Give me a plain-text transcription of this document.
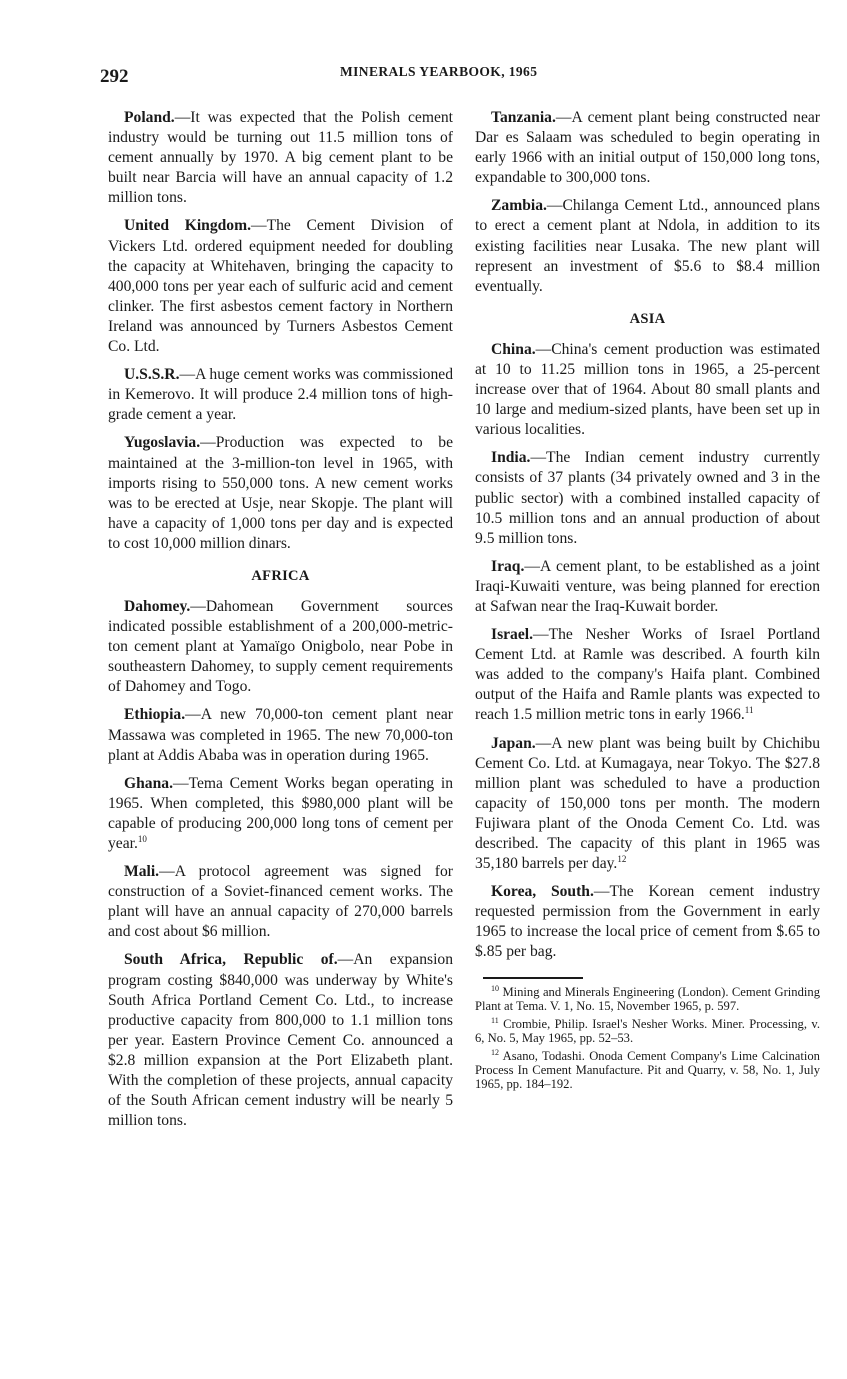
292	MINERALS YEARBOOK, 1965

Poland.—It was expected that the Polish cement industry would be turning out 11.5 million tons of cement annually by 1970. A big cement plant to be built near Barcia will have an annual capacity of 1.2 million tons.

United Kingdom.—The Cement Division of Vickers Ltd. ordered equipment needed for doubling the capacity at Whitehaven, bringing the capacity to 400,000 tons per year each of sulfuric acid and cement clinker. The first asbestos cement factory in Northern Ireland was announced by Turners Asbestos Cement Co. Ltd.

U.S.S.R.—A huge cement works was commissioned in Kemerovo. It will produce 2.4 million tons of high-grade cement a year.

Yugoslavia.—Production was expected to be maintained at the 3-million-ton level in 1965, with imports rising to 550,000 tons. A new cement works was to be erected at Usje, near Skopje. The plant will have a capacity of 1,000 tons per day and is expected to cost 10,000 million dinars.

AFRICA

Dahomey.—Dahomean Government sources indicated possible establishment of a 200,000-metric-ton cement plant at Yamaïgo Onigbolo, near Pobe in southeastern Dahomey, to supply cement requirements of Dahomey and Togo.

Ethiopia.—A new 70,000-ton cement plant near Massawa was completed in 1965. The new 70,000-ton plant at Addis Ababa was in operation during 1965.

Ghana.—Tema Cement Works began operating in 1965. When completed, this $980,000 plant will be capable of producing 200,000 long tons of cement per year.$^{10}$

Mali.—A protocol agreement was signed for construction of a Soviet-financed cement works. The plant will have an annual capacity of 270,000 barrels and cost about $6 million.

South Africa, Republic of.—An expansion program costing $840,000 was underway by White's South Africa Portland Cement Co. Ltd., to increase productive capacity from 800,000 to 1.1 million tons per year. Eastern Province Cement Co. announced a $2.8 million expansion at the Port Elizabeth plant. With the completion of these projects, annual capacity of the South African cement industry will be nearly 5 million tons.

Tanzania.—A cement plant being constructed near Dar es Salaam was scheduled to begin operating in early 1966 with an initial output of 150,000 long tons, expandable to 300,000 tons.

Zambia.—Chilanga Cement Ltd., announced plans to erect a cement plant at Ndola, in addition to its existing facilities near Lusaka. The new plant will represent an investment of $5.6 to $8.4 million eventually.

ASIA

China.—China's cement production was estimated at 10 to 11.25 million tons in 1965, a 25-percent increase over that of 1964. About 80 small plants and 10 large and medium-sized plants, have been set up in various localities.

India.—The Indian cement industry currently consists of 37 plants (34 privately owned and 3 in the public sector) with a combined installed capacity of 10.5 million tons and an annual production of about 9.5 million tons.

Iraq.—A cement plant, to be established as a joint Iraqi-Kuwaiti venture, was being planned for erection at Safwan near the Iraq-Kuwait border.

Israel.—The Nesher Works of Israel Portland Cement Ltd. at Ramle was described. A fourth kiln was added to the company's Haifa plant. Combined output of the Haifa and Ramle plants was expected to reach 1.5 million metric tons in early 1966.11

Japan.—A new plant was being built by Chichibu Cement Co. Ltd. at Kumagaya, near Tokyo. The $27.8 million plant was scheduled to have a production capacity of 150,000 tons per month. The modern Fujiwara plant of the Onoda Cement Co. Ltd. was described. The capacity of this plant in 1965 was 35,180 barrels per day.$^{12}$

Korea, South.—The Korean cement industry requested permission from the Government in early 1965 to increase the local price of cement from $.65 to $.85 per bag.

$^{10}$ Mining and Minerals Engineering (London). Cement Grinding Plant at Tema. V. 1, No. 15, November 1965, p. 597.

$^{11}$ Crombie, Philip. Israel's Nesher Works. Miner. Processing, v. 6, No. 5, May 1965, pp. 52–53.

$^{12}$ Asano, Todashi. Onoda Cement Company's Lime Calcination Process In Cement Manufacture. Pit and Quarry, v. 58, No. 1, July 1965, pp. 184–192.
